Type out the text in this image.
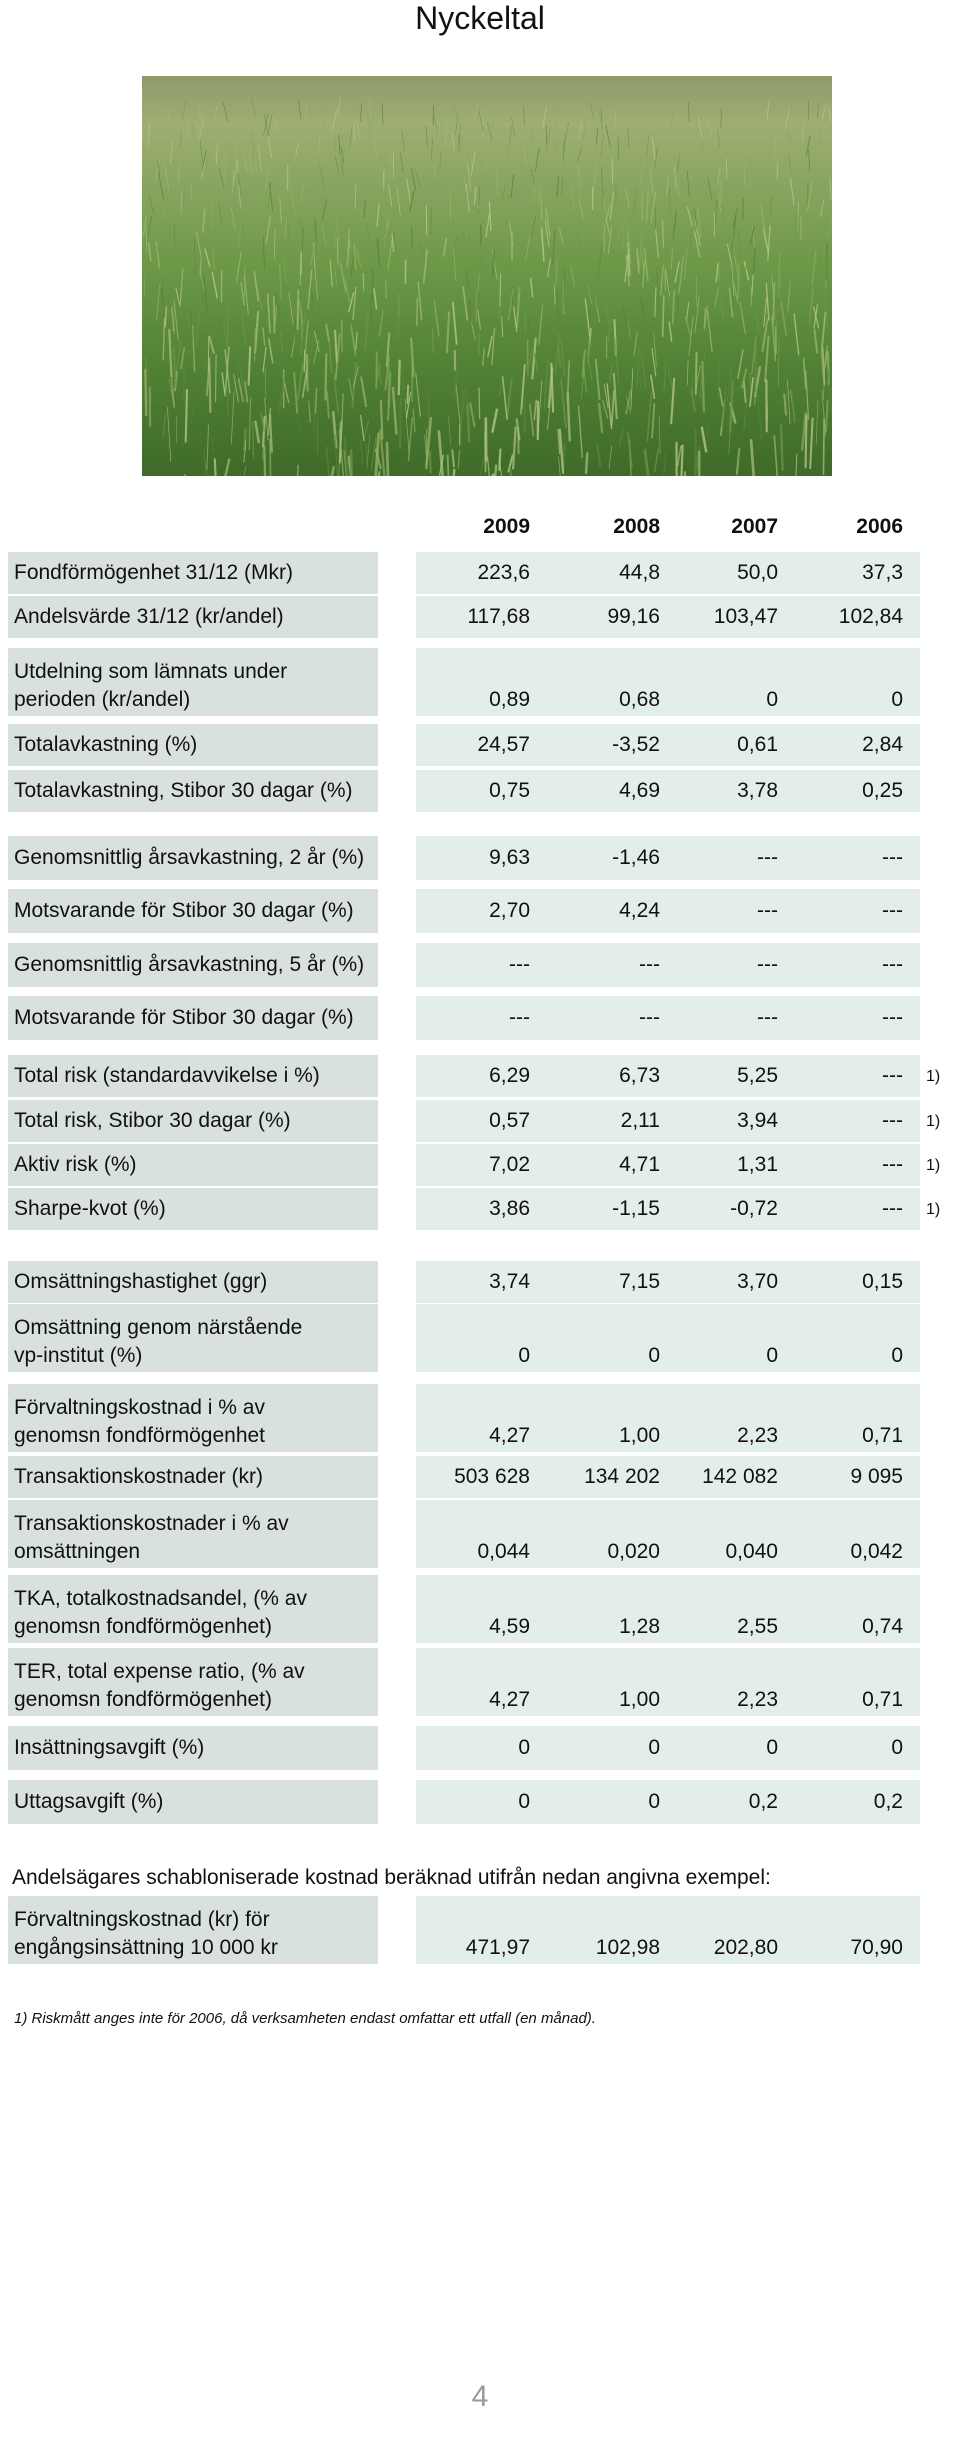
Nyckeltal
2009	2008	2007	2006
Fondförmögenhet 31/12 (Mkr)	223,6	44,8	50,0	37,3
Andelsvärde 31/12 (kr/andel)	117,68	99,16	103,47	102,84
Utdelning som lämnats under
perioden (kr/andel)	0,89	0,68	0	0
Totalavkastning (%)	24,57	-3,52	0,61	2,84
Totalavkastning, Stibor 30 dagar (%)	0,75	4,69	3,78	0,25
Genomsnittlig årsavkastning, 2 år (%)	9,63	-1,46	---	---
Motsvarande för Stibor 30 dagar (%)	2,70	4,24	---	---
Genomsnittlig årsavkastning, 5 år (%)	---	---	---	---
Motsvarande för Stibor 30 dagar (%)	---	---	---	---
Total risk (standardavvikelse i %)	6,29	6,73	5,25	--- 1)
Total risk, Stibor 30 dagar (%)	0,57	2,11	3,94	--- 1)
Aktiv risk (%)	7,02	4,71	1,31	--- 1)
Sharpe-kvot (%)	3,86	-1,15	-0,72	--- 1)
Omsättningshastighet (ggr)	3,74	7,15	3,70	0,15
Omsättning genom närstående
vp-institut (%)	0	0	0	0
Förvaltningskostnad i % av
genomsn fondförmögenhet	4,27	1,00	2,23	0,71
Transaktionskostnader (kr)	503 628	134 202	142 082	9 095
Transaktionskostnader i % av
omsättningen	0,044	0,020	0,040	0,042
TKA, totalkostnadsandel, (% av
genomsn fondförmögenhet)	4,59	1,28	2,55	0,74
TER, total expense ratio, (% av
genomsn fondförmögenhet)	4,27	1,00	2,23	0,71
Insättningsavgift (%)	0	0	0	0
Uttagsavgift (%)	0	0	0,2	0,2
Andelsägares schabloniserade kostnad beräknad utifrån nedan angivna exempel:
Förvaltningskostnad (kr) för
engångsinsättning 10 000 kr	471,97	102,98	202,80	70,90
1) Riskmått anges inte för 2006, då verksamheten endast omfattar ett utfall (en månad).
4
